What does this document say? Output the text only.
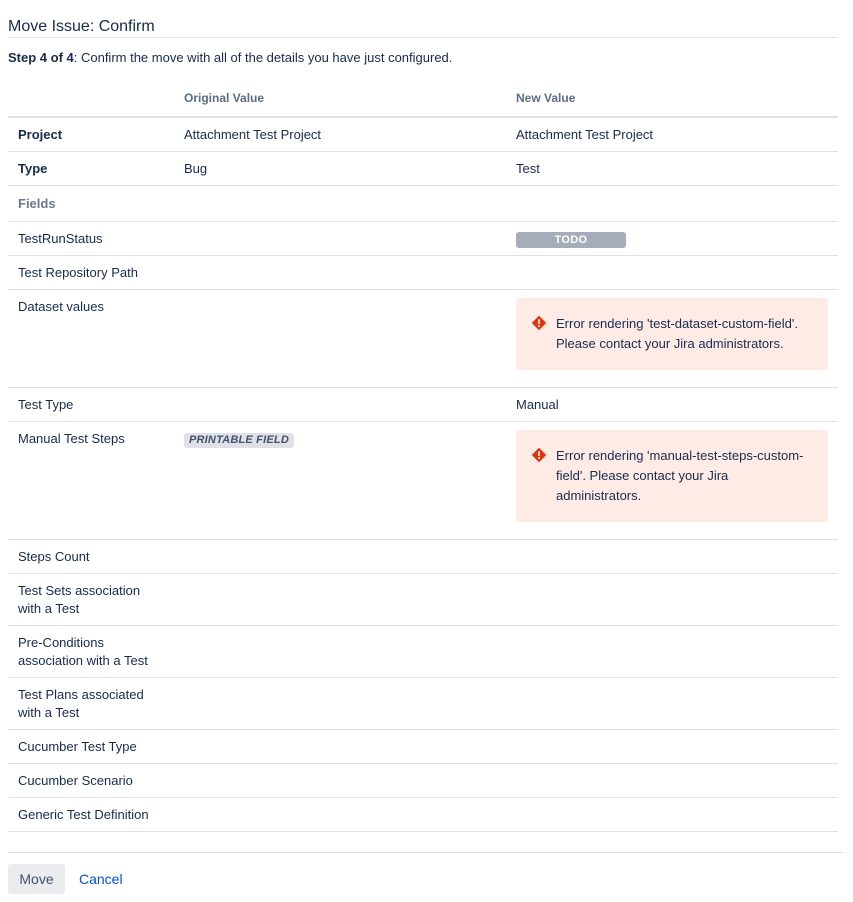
Move Issue: Confirm
Step 4 of 4: Confirm the move with all of the details you have just configured.
	Original Value	New Value
Project	Attachment Test Project	Attachment Test Project
Type	Bug	Test
Fields		
TestRunStatus		TODO
Test Repository Path		
Dataset values		Error rendering 'test-dataset-custom-field'. Please contact your Jira administrators.

Test Type		Manual
Manual Test Steps	PRINTABLE FIELD	Error rendering 'manual-test-steps-custom-field'. Please contact your Jira administrators.

Steps Count		
Test Sets association with a Test		
Pre-Conditions association with a Test		
Test Plans associated with a Test		
Cucumber Test Type		
Cucumber Scenario		
Generic Test Definition		
Move	Cancel
